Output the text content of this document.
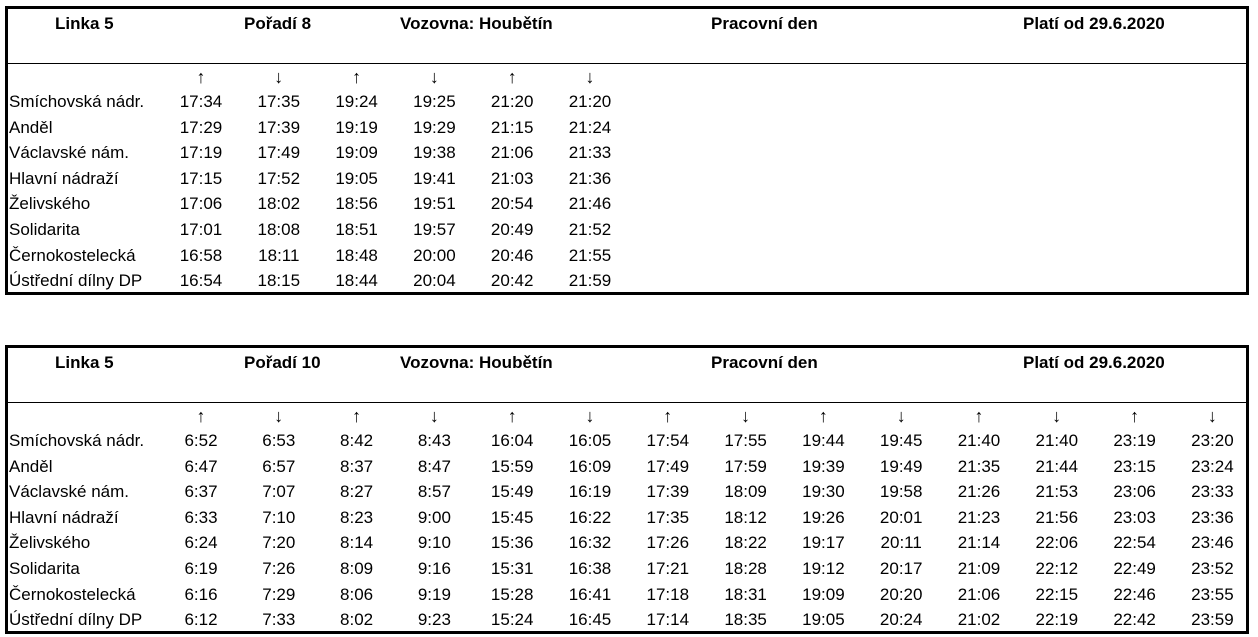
Linka 5	Pořadí 8	Vozovna: Houbětín	Pracovní den	Platí od 29.6.2020
↑	↓	↑	↓	↑	↓
Smíchovská nádr.	17:34	17:35	19:24	19:25	21:20	21:20
Anděl	17:29	17:39	19:19	19:29	21:15	21:24
Václavské nám.	17:19	17:49	19:09	19:38	21:06	21:33
Hlavní nádraží	17:15	17:52	19:05	19:41	21:03	21:36
Želivského	17:06	18:02	18:56	19:51	20:54	21:46
Solidarita	17:01	18:08	18:51	19:57	20:49	21:52
Černokostelecká	16:58	18:11	18:48	20:00	20:46	21:55
Ústřední dílny DP	16:54	18:15	18:44	20:04	20:42	21:59
Linka 5	Pořadí 10	Vozovna: Houbětín	Pracovní den	Platí od 29.6.2020
↑	↓	↑	↓	↑	↓	↑	↓	↑	↓	↑	↓	↑	↓
Smíchovská nádr.	6:52	6:53	8:42	8:43	16:04	16:05	17:54	17:55	19:44	19:45	21:40	21:40	23:19	23:20
Anděl	6:47	6:57	8:37	8:47	15:59	16:09	17:49	17:59	19:39	19:49	21:35	21:44	23:15	23:24
Václavské nám.	6:37	7:07	8:27	8:57	15:49	16:19	17:39	18:09	19:30	19:58	21:26	21:53	23:06	23:33
Hlavní nádraží	6:33	7:10	8:23	9:00	15:45	16:22	17:35	18:12	19:26	20:01	21:23	21:56	23:03	23:36
Želivského	6:24	7:20	8:14	9:10	15:36	16:32	17:26	18:22	19:17	20:11	21:14	22:06	22:54	23:46
Solidarita	6:19	7:26	8:09	9:16	15:31	16:38	17:21	18:28	19:12	20:17	21:09	22:12	22:49	23:52
Černokostelecká	6:16	7:29	8:06	9:19	15:28	16:41	17:18	18:31	19:09	20:20	21:06	22:15	22:46	23:55
Ústřední dílny DP	6:12	7:33	8:02	9:23	15:24	16:45	17:14	18:35	19:05	20:24	21:02	22:19	22:42	23:59
